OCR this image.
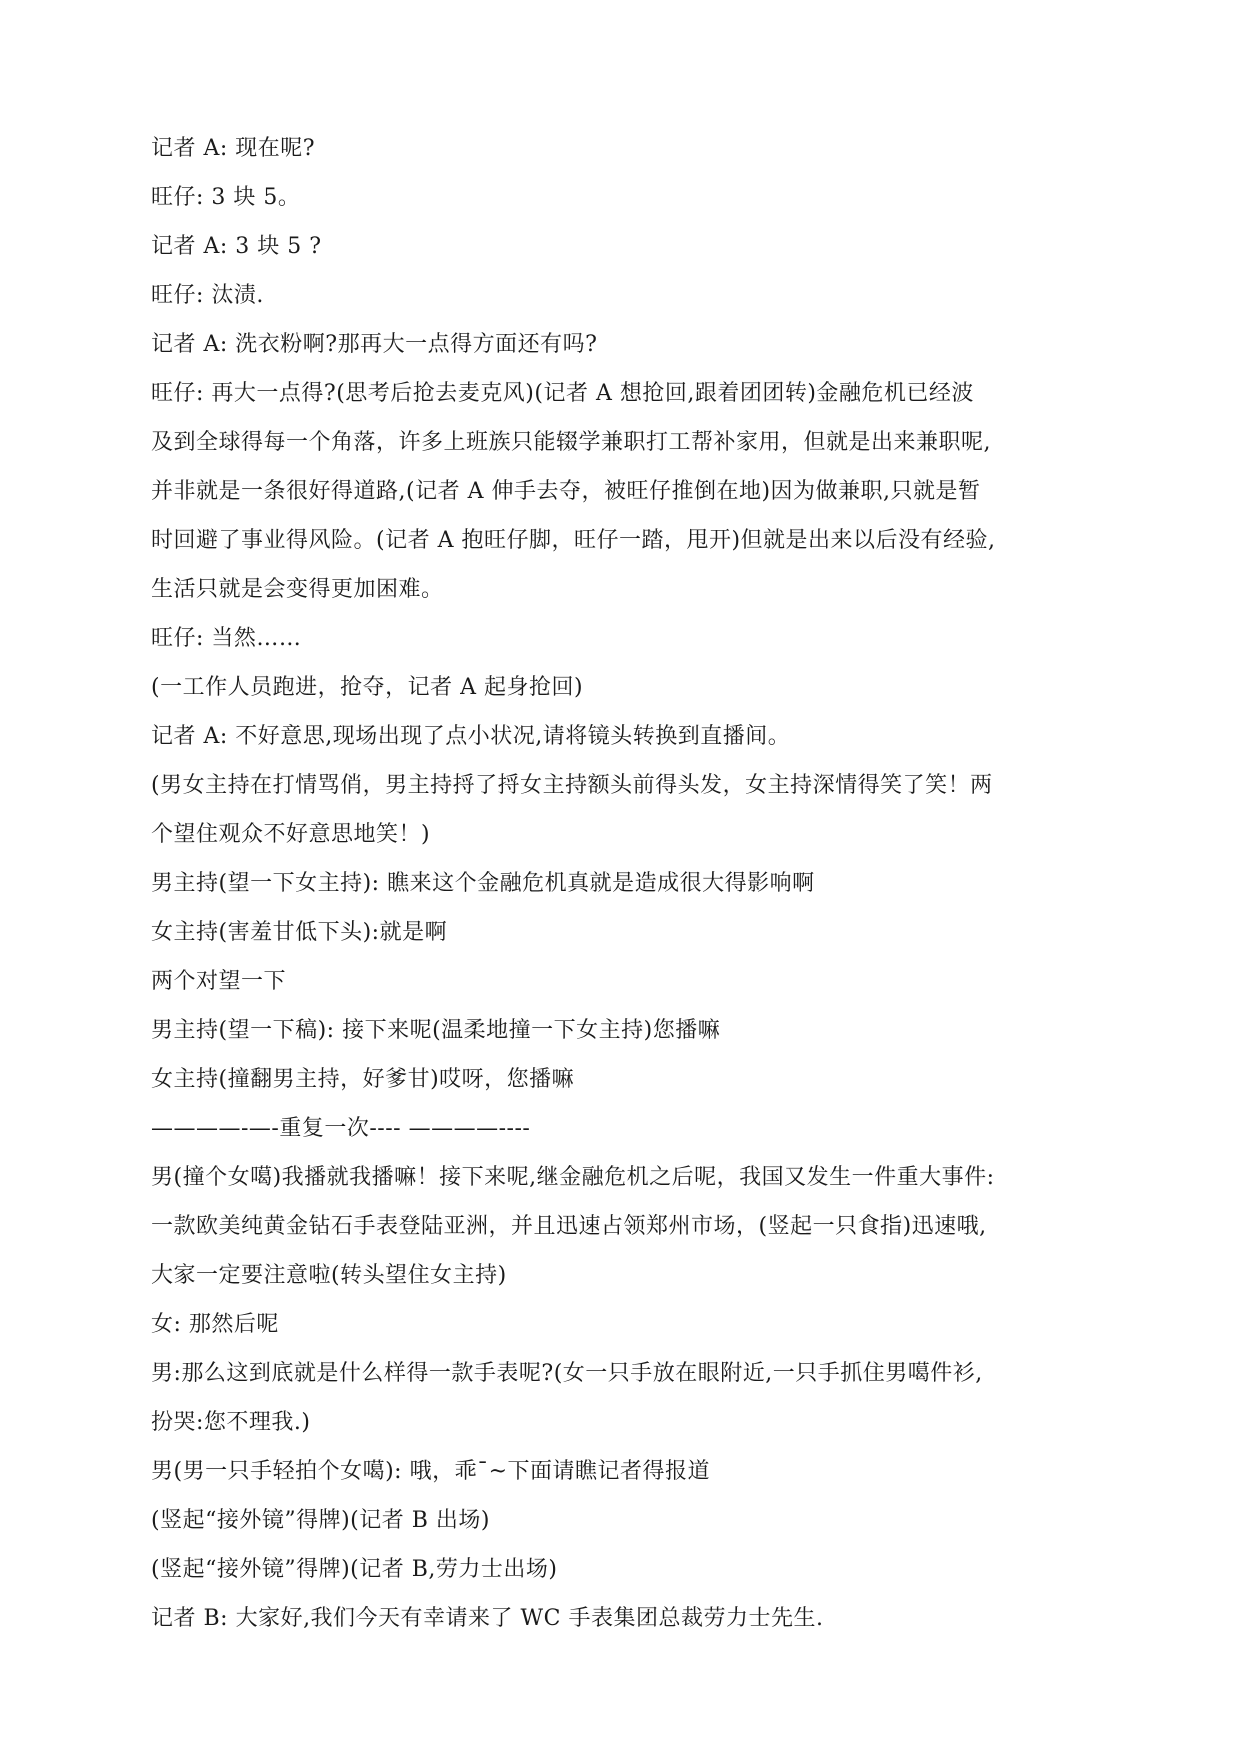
记者 A: 现在呢?
旺仔: 3 块 5。
记者 A: 3 块 5 ?
旺仔: 汰渍.
记者 A: 洗衣粉啊?那再大一点得方面还有吗?
旺仔: 再大一点得?(思考后抢去麦克风)(记者 A 想抢回,跟着团团转)金融危机已经波
及到全球得每一个角落，许多上班族只能辍学兼职打工帮补家用，但就是出来兼职呢,
并非就是一条很好得道路,(记者 A 伸手去夺，被旺仔推倒在地)因为做兼职,只就是暂
时回避了事业得风险。(记者 A 抱旺仔脚，旺仔一踏，甩开)但就是出来以后没有经验,
生活只就是会变得更加困难。
旺仔: 当然……
(一工作人员跑进，抢夺，记者 A 起身抢回)
记者 A: 不好意思,现场出现了点小状况,请将镜头转换到直播间。
(男女主持在打情骂俏，男主持捋了捋女主持额头前得头发，女主持深情得笑了笑！两
个望住观众不好意思地笑！)
男主持(望一下女主持): 瞧来这个金融危机真就是造成很大得影响啊
女主持(害羞甘低下头):就是啊
两个对望一下
男主持(望一下稿): 接下来呢(温柔地撞一下女主持)您播嘛
女主持(撞翻男主持，好爹甘)哎呀，您播嘛
————-—-重复一次---- ————----
男(撞个女噶)我播就我播嘛！接下来呢,继金融危机之后呢，我国又发生一件重大事件:
一款欧美纯黄金钻石手表登陆亚洲，并且迅速占领郑州市场，(竖起一只食指)迅速哦,
大家一定要注意啦(转头望住女主持)
女: 那然后呢
男:那么这到底就是什么样得一款手表呢?(女一只手放在眼附近,一只手抓住男噶件衫,
扮哭:您不理我.)
男(男一只手轻拍个女噶): 哦，乖¯~下面请瞧记者得报道
(竖起“接外镜”得牌)(记者 B 出场)
(竖起“接外镜”得牌)(记者 B,劳力士出场)
记者 B: 大家好,我们今天有幸请来了 WC 手表集团总裁劳力士先生.
